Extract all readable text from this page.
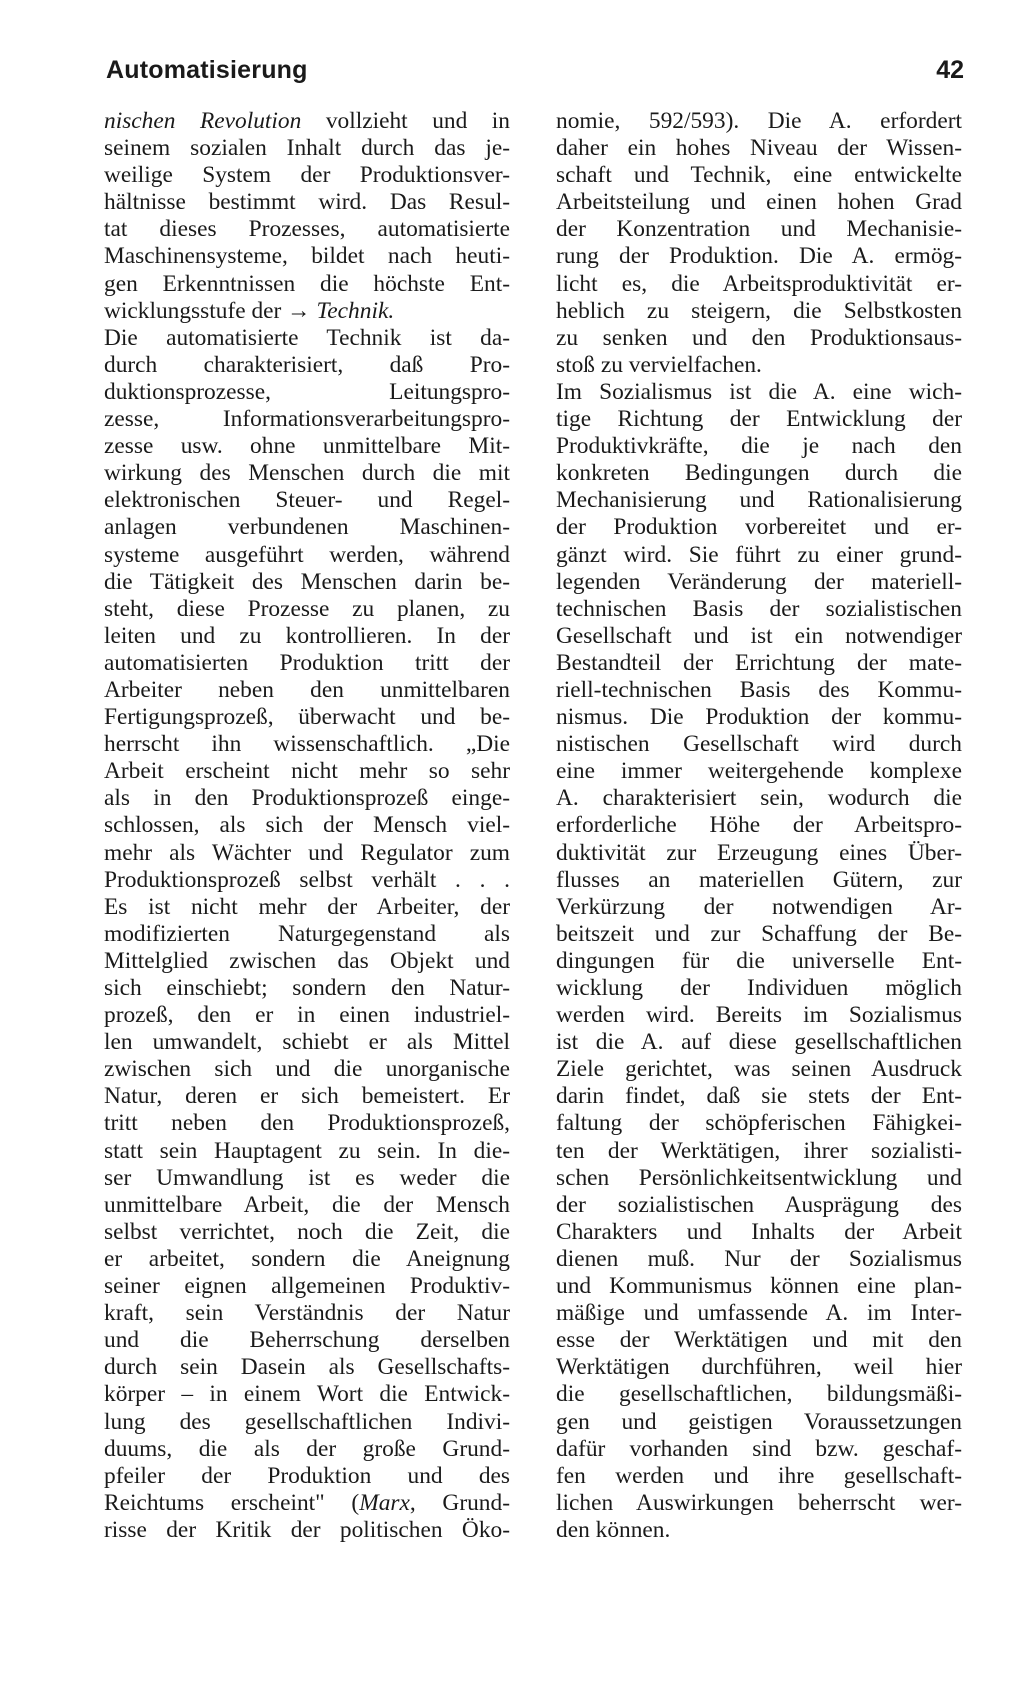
Automatisierung	42
nischen Revolution vollzieht und in
seinem sozialen Inhalt durch das je-
weilige System der Produktionsver-
hältnisse bestimmt wird. Das Resul-
tat dieses Prozesses, automatisierte
Maschinensysteme, bildet nach heuti-
gen Erkenntnissen die höchste Ent-
wicklungsstufe der → Technik.
Die automatisierte Technik ist da-
durch charakterisiert, daß Pro-
duktionsprozesse, Leitungspro-
zesse, Informationsverarbeitungspro-
zesse usw. ohne unmittelbare Mit-
wirkung des Menschen durch die mit
elektronischen Steuer- und Regel-
anlagen verbundenen Maschinen-
systeme ausgeführt werden, während
die Tätigkeit des Menschen darin be-
steht, diese Prozesse zu planen, zu
leiten und zu kontrollieren. In der
automatisierten Produktion tritt der
Arbeiter neben den unmittelbaren
Fertigungsprozeß, überwacht und be-
herrscht ihn wissenschaftlich. „Die
Arbeit erscheint nicht mehr so sehr
als in den Produktionsprozeß einge-
schlossen, als sich der Mensch viel-
mehr als Wächter und Regulator zum
Produktionsprozeß selbst verhält . . .
Es ist nicht mehr der Arbeiter, der
modifizierten Naturgegenstand als
Mittelglied zwischen das Objekt und
sich einschiebt; sondern den Natur-
prozeß, den er in einen industriel-
len umwandelt, schiebt er als Mittel
zwischen sich und die unorganische
Natur, deren er sich bemeistert. Er
tritt neben den Produktionsprozeß,
statt sein Hauptagent zu sein. In die-
ser Umwandlung ist es weder die
unmittelbare Arbeit, die der Mensch
selbst verrichtet, noch die Zeit, die
er arbeitet, sondern die Aneignung
seiner eignen allgemeinen Produktiv-
kraft, sein Verständnis der Natur
und die Beherrschung derselben
durch sein Dasein als Gesellschafts-
körper – in einem Wort die Entwick-
lung des gesellschaftlichen Indivi-
duums, die als der große Grund-
pfeiler der Produktion und des
Reichtums erscheint" (Marx, Grund-
risse der Kritik der politischen Öko-
nomie, 592/593). Die A. erfordert
daher ein hohes Niveau der Wissen-
schaft und Technik, eine entwickelte
Arbeitsteilung und einen hohen Grad
der Konzentration und Mechanisie-
rung der Produktion. Die A. ermög-
licht es, die Arbeitsproduktivität er-
heblich zu steigern, die Selbstkosten
zu senken und den Produktionsaus-
stoß zu vervielfachen.
Im Sozialismus ist die A. eine wich-
tige Richtung der Entwicklung der
Produktivkräfte, die je nach den
konkreten Bedingungen durch die
Mechanisierung und Rationalisierung
der Produktion vorbereitet und er-
gänzt wird. Sie führt zu einer grund-
legenden Veränderung der materiell-
technischen Basis der sozialistischen
Gesellschaft und ist ein notwendiger
Bestandteil der Errichtung der mate-
riell-technischen Basis des Kommu-
nismus. Die Produktion der kommu-
nistischen Gesellschaft wird durch
eine immer weitergehende komplexe
A. charakterisiert sein, wodurch die
erforderliche Höhe der Arbeitspro-
duktivität zur Erzeugung eines Über-
flusses an materiellen Gütern, zur
Verkürzung der notwendigen Ar-
beitszeit und zur Schaffung der Be-
dingungen für die universelle Ent-
wicklung der Individuen möglich
werden wird. Bereits im Sozialismus
ist die A. auf diese gesellschaftlichen
Ziele gerichtet, was seinen Ausdruck
darin findet, daß sie stets der Ent-
faltung der schöpferischen Fähigkei-
ten der Werktätigen, ihrer sozialisti-
schen Persönlichkeitsentwicklung und
der sozialistischen Ausprägung des
Charakters und Inhalts der Arbeit
dienen muß. Nur der Sozialismus
und Kommunismus können eine plan-
mäßige und umfassende A. im Inter-
esse der Werktätigen und mit den
Werktätigen durchführen, weil hier
die gesellschaftlichen, bildungsmäßi-
gen und geistigen Voraussetzungen
dafür vorhanden sind bzw. geschaf-
fen werden und ihre gesellschaft-
lichen Auswirkungen beherrscht wer-
den können.
